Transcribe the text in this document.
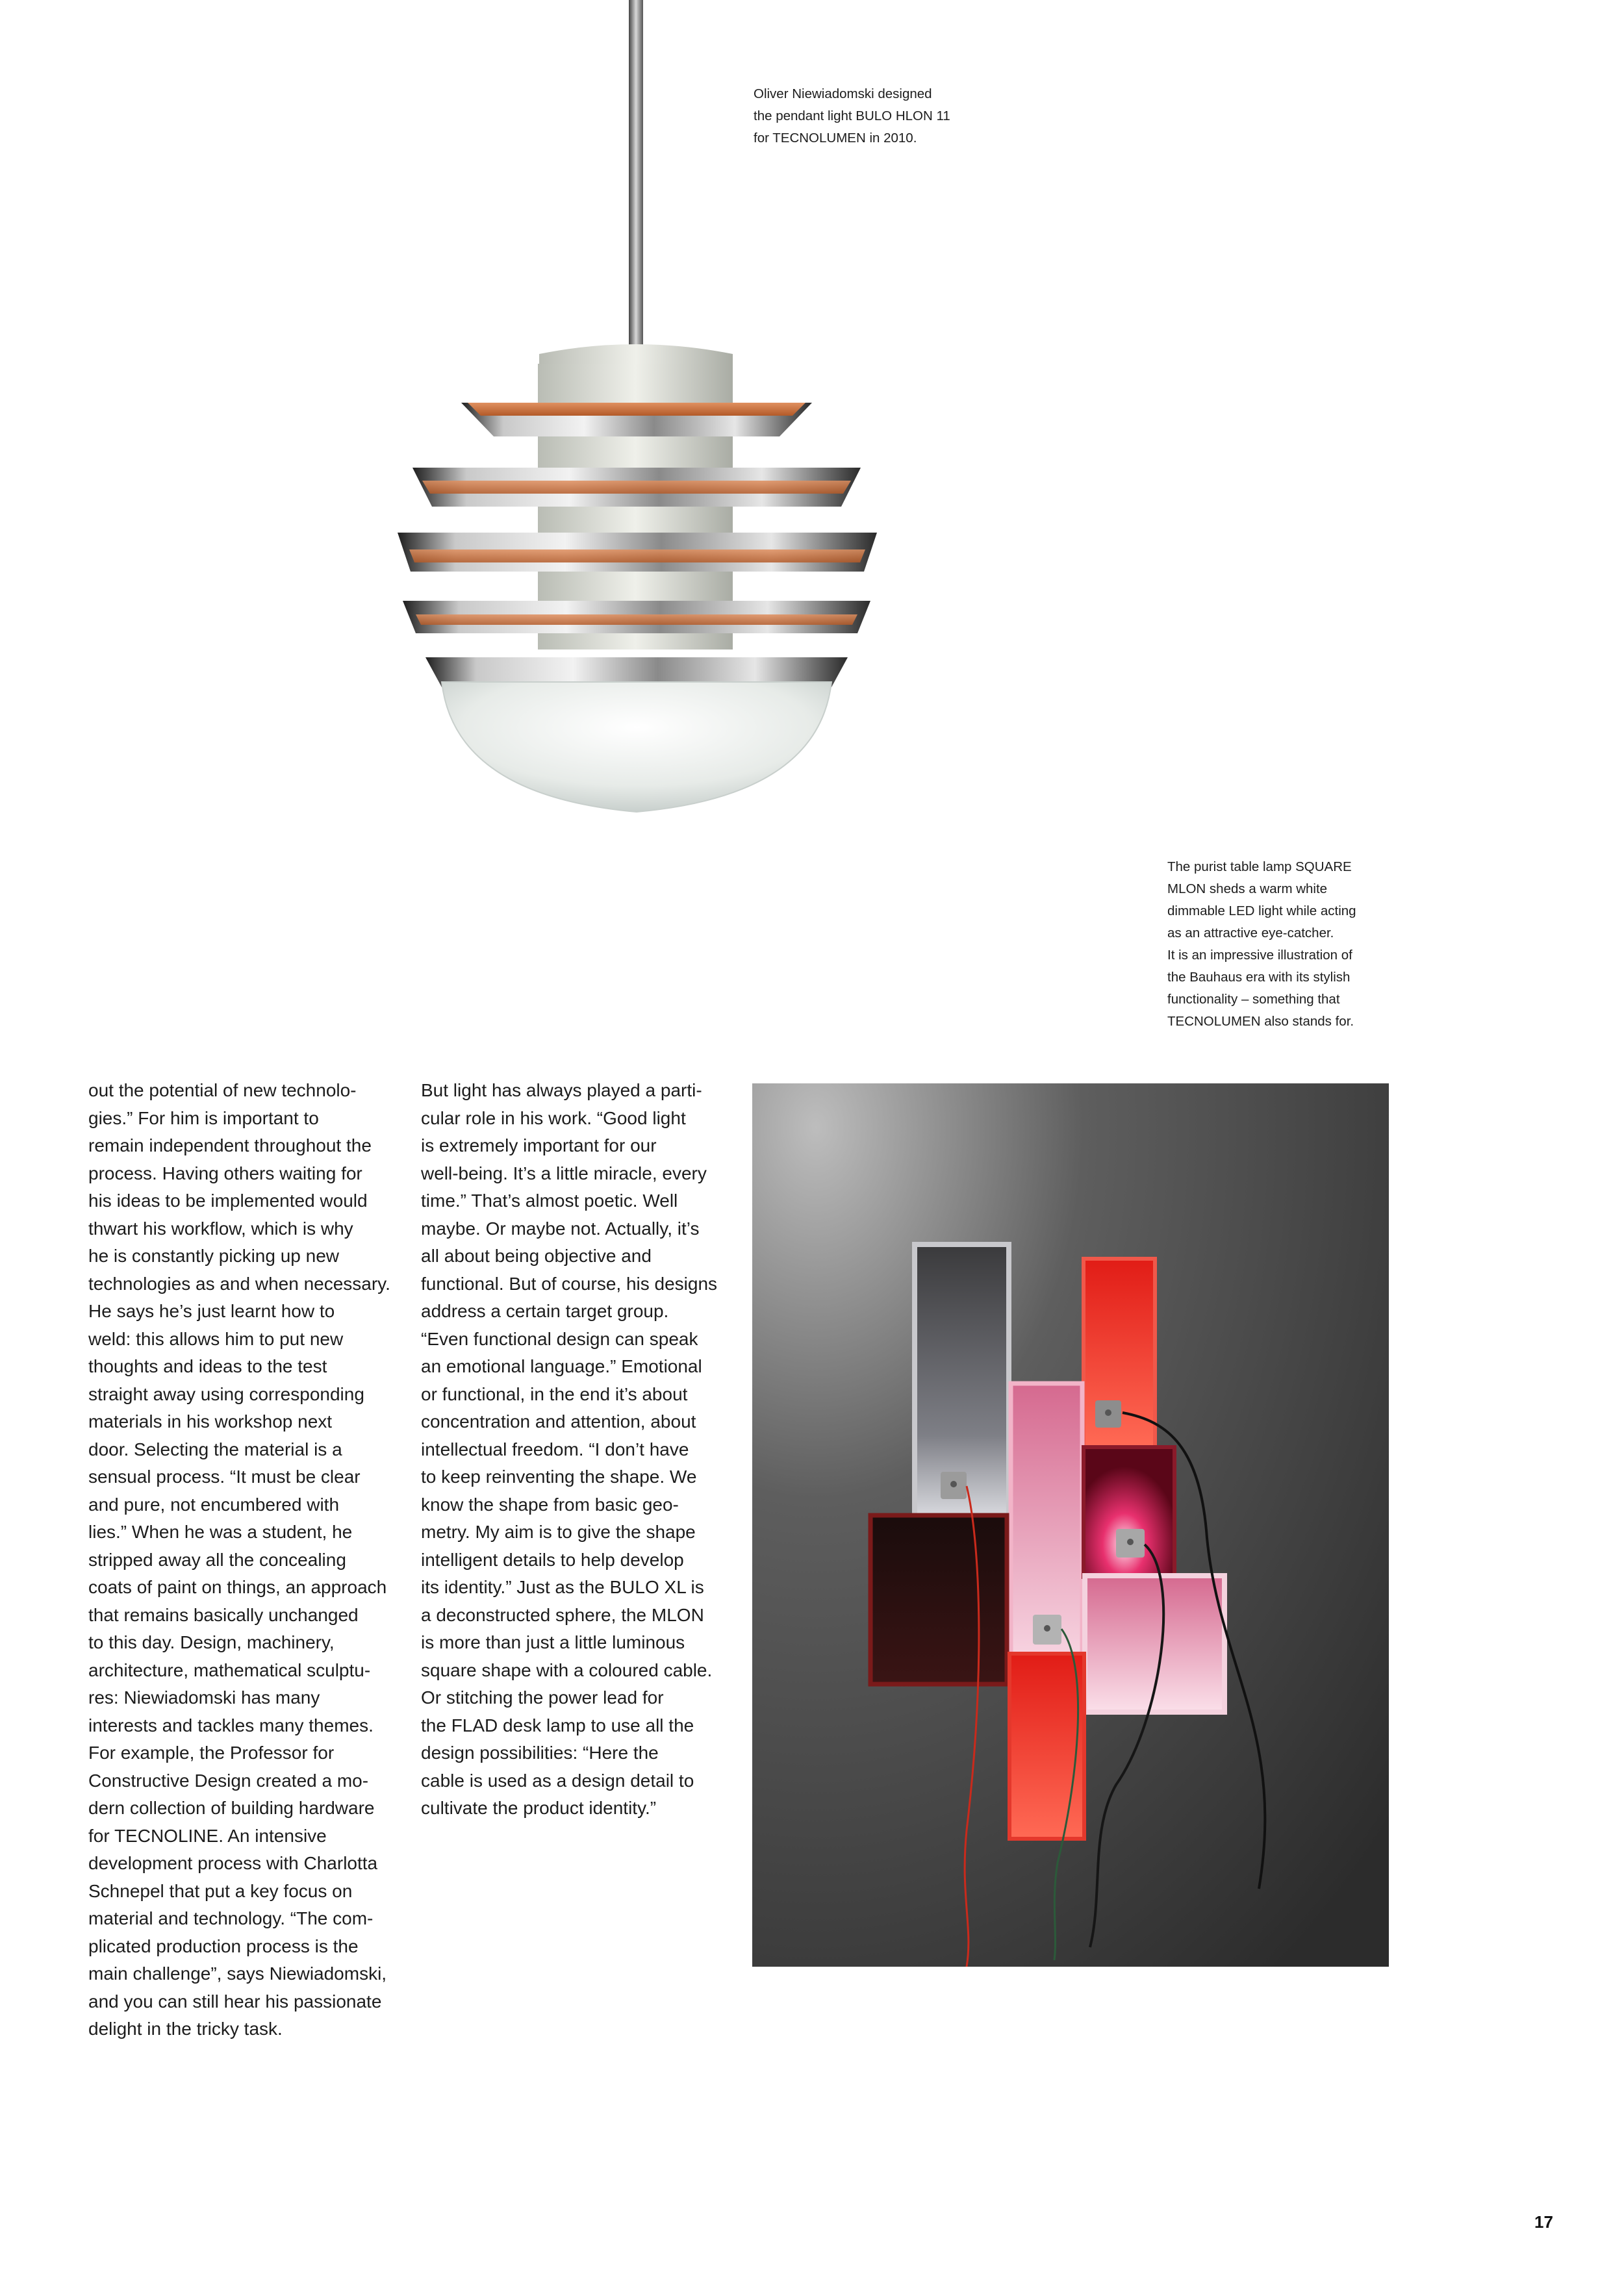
Oliver Niewiadomski designed

the pendant light BULO HLON 11

for TECNOLUMEN in 2010.

The purist table lamp SQUARE

MLON sheds a warm white

dimmable LED light while acting

as an attractive eye-catcher.

It is an impressive illustration of

the Bauhaus era with its stylish

functionality – something that

TECNOLUMEN also stands for.

out the potential of new technolo-

gies.” For him is important to

remain independent throughout the

process. Having others waiting for

his ideas to be implemented would

thwart his workflow, which is why

he is constantly picking up new

technologies as and when necessary.

He says he’s just learnt how to

weld: this allows him to put new

thoughts and ideas to the test

straight away using corresponding

materials in his workshop next

door. Selecting the material is a

sensual process. “It must be clear

and pure, not encumbered with

lies.” When he was a student, he

stripped away all the concealing

coats of paint on things, an approach

that remains basically unchanged

to this day. Design, machinery,

architecture, mathematical sculptu-

res: Niewiadomski has many

interests and tackles many themes.

For example, the Professor for

Constructive Design created a mo-

dern collection of building hardware

for TECNOLINE. An intensive

development process with Charlotta

Schnepel that put a key focus on

material and technology. “The com-

plicated production process is the

main challenge”, says Niewiadomski,

and you can still hear his passionate

delight in the tricky task.

But light has always played a parti-

cular role in his work. “Good light

is extremely important for our

well-being. It’s a little miracle, every

time.” That’s almost poetic. Well

maybe. Or maybe not. Actually, it’s

all about being objective and

functional. But of course, his designs

address a certain target group.

“Even functional design can speak

an emotional language.” Emotional

or functional, in the end it’s about

concentration and attention, about

intellectual freedom. “I don’t have

to keep reinventing the shape. We

know the shape from basic geo-

metry. My aim is to give the shape

intelligent details to help develop

its identity.” Just as the BULO XL is

a deconstructed sphere, the MLON

is more than just a little luminous

square shape with a coloured cable.

Or stitching the power lead for

the FLAD desk lamp to use all the

design possibilities: “Here the

cable is used as a design detail to

cultivate the product identity.”

17
